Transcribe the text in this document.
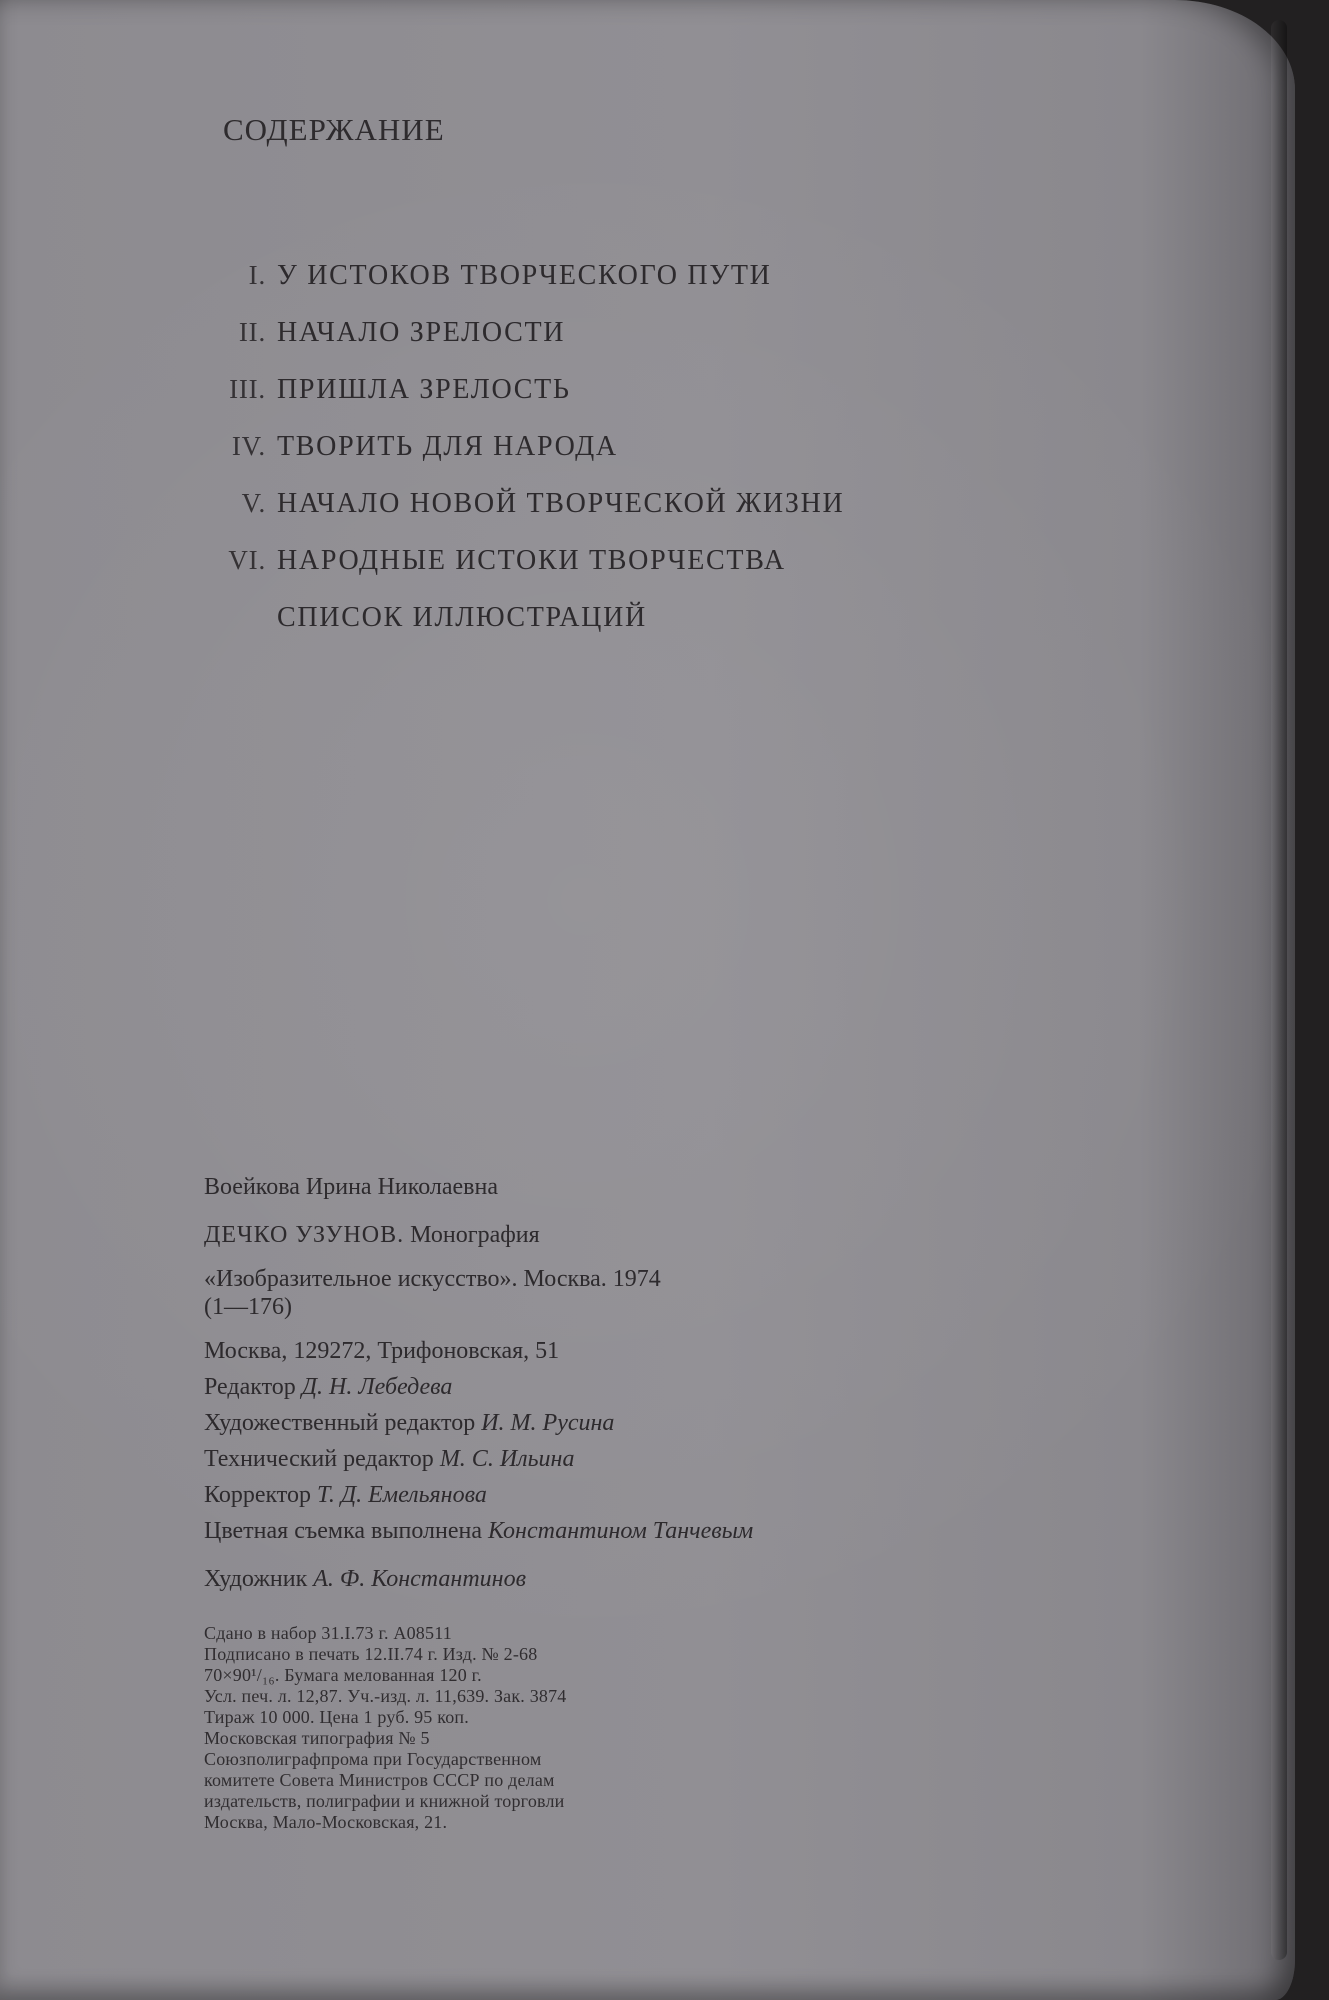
СОДЕРЖАНИЕ
I. У ИСТОКОВ ТВОРЧЕСКОГО ПУТИ
II. НАЧАЛО ЗРЕЛОСТИ
III. ПРИШЛА ЗРЕЛОСТЬ
IV. ТВОРИТЬ ДЛЯ НАРОДА
V. НАЧАЛО НОВОЙ ТВОРЧЕСКОЙ ЖИЗНИ
VI. НАРОДНЫЕ ИСТОКИ ТВОРЧЕСТВА
СПИСОК ИЛЛЮСТРАЦИЙ
Воейкова Ирина Николаевна
ДЕЧКО УЗУНОВ. Монография
«Изобразительное искусство». Москва. 1974
(1—176)
Москва, 129272, Трифоновская, 51
Редактор Д. Н. Лебедева
Художественный редактор И. М. Русина
Технический редактор М. С. Ильина
Корректор Т. Д. Емельянова
Цветная съемка выполнена Константином Танчевым
Художник А. Ф. Константинов
Сдано в набор 31.I.73 г. А08511
Подписано в печать 12.II.74 г. Изд. № 2-68
70×90¹/₁₆. Бумага мелованная 120 г.
Усл. печ. л. 12,87. Уч.-изд. л. 11,639. Зак. 3874
Тираж 10 000. Цена 1 руб. 95 коп.
Московская типография № 5
Союзполиграфпрома при Государственном
комитете Совета Министров СССР по делам
издательств, полиграфии и книжной торговли
Москва, Мало-Московская, 21.
